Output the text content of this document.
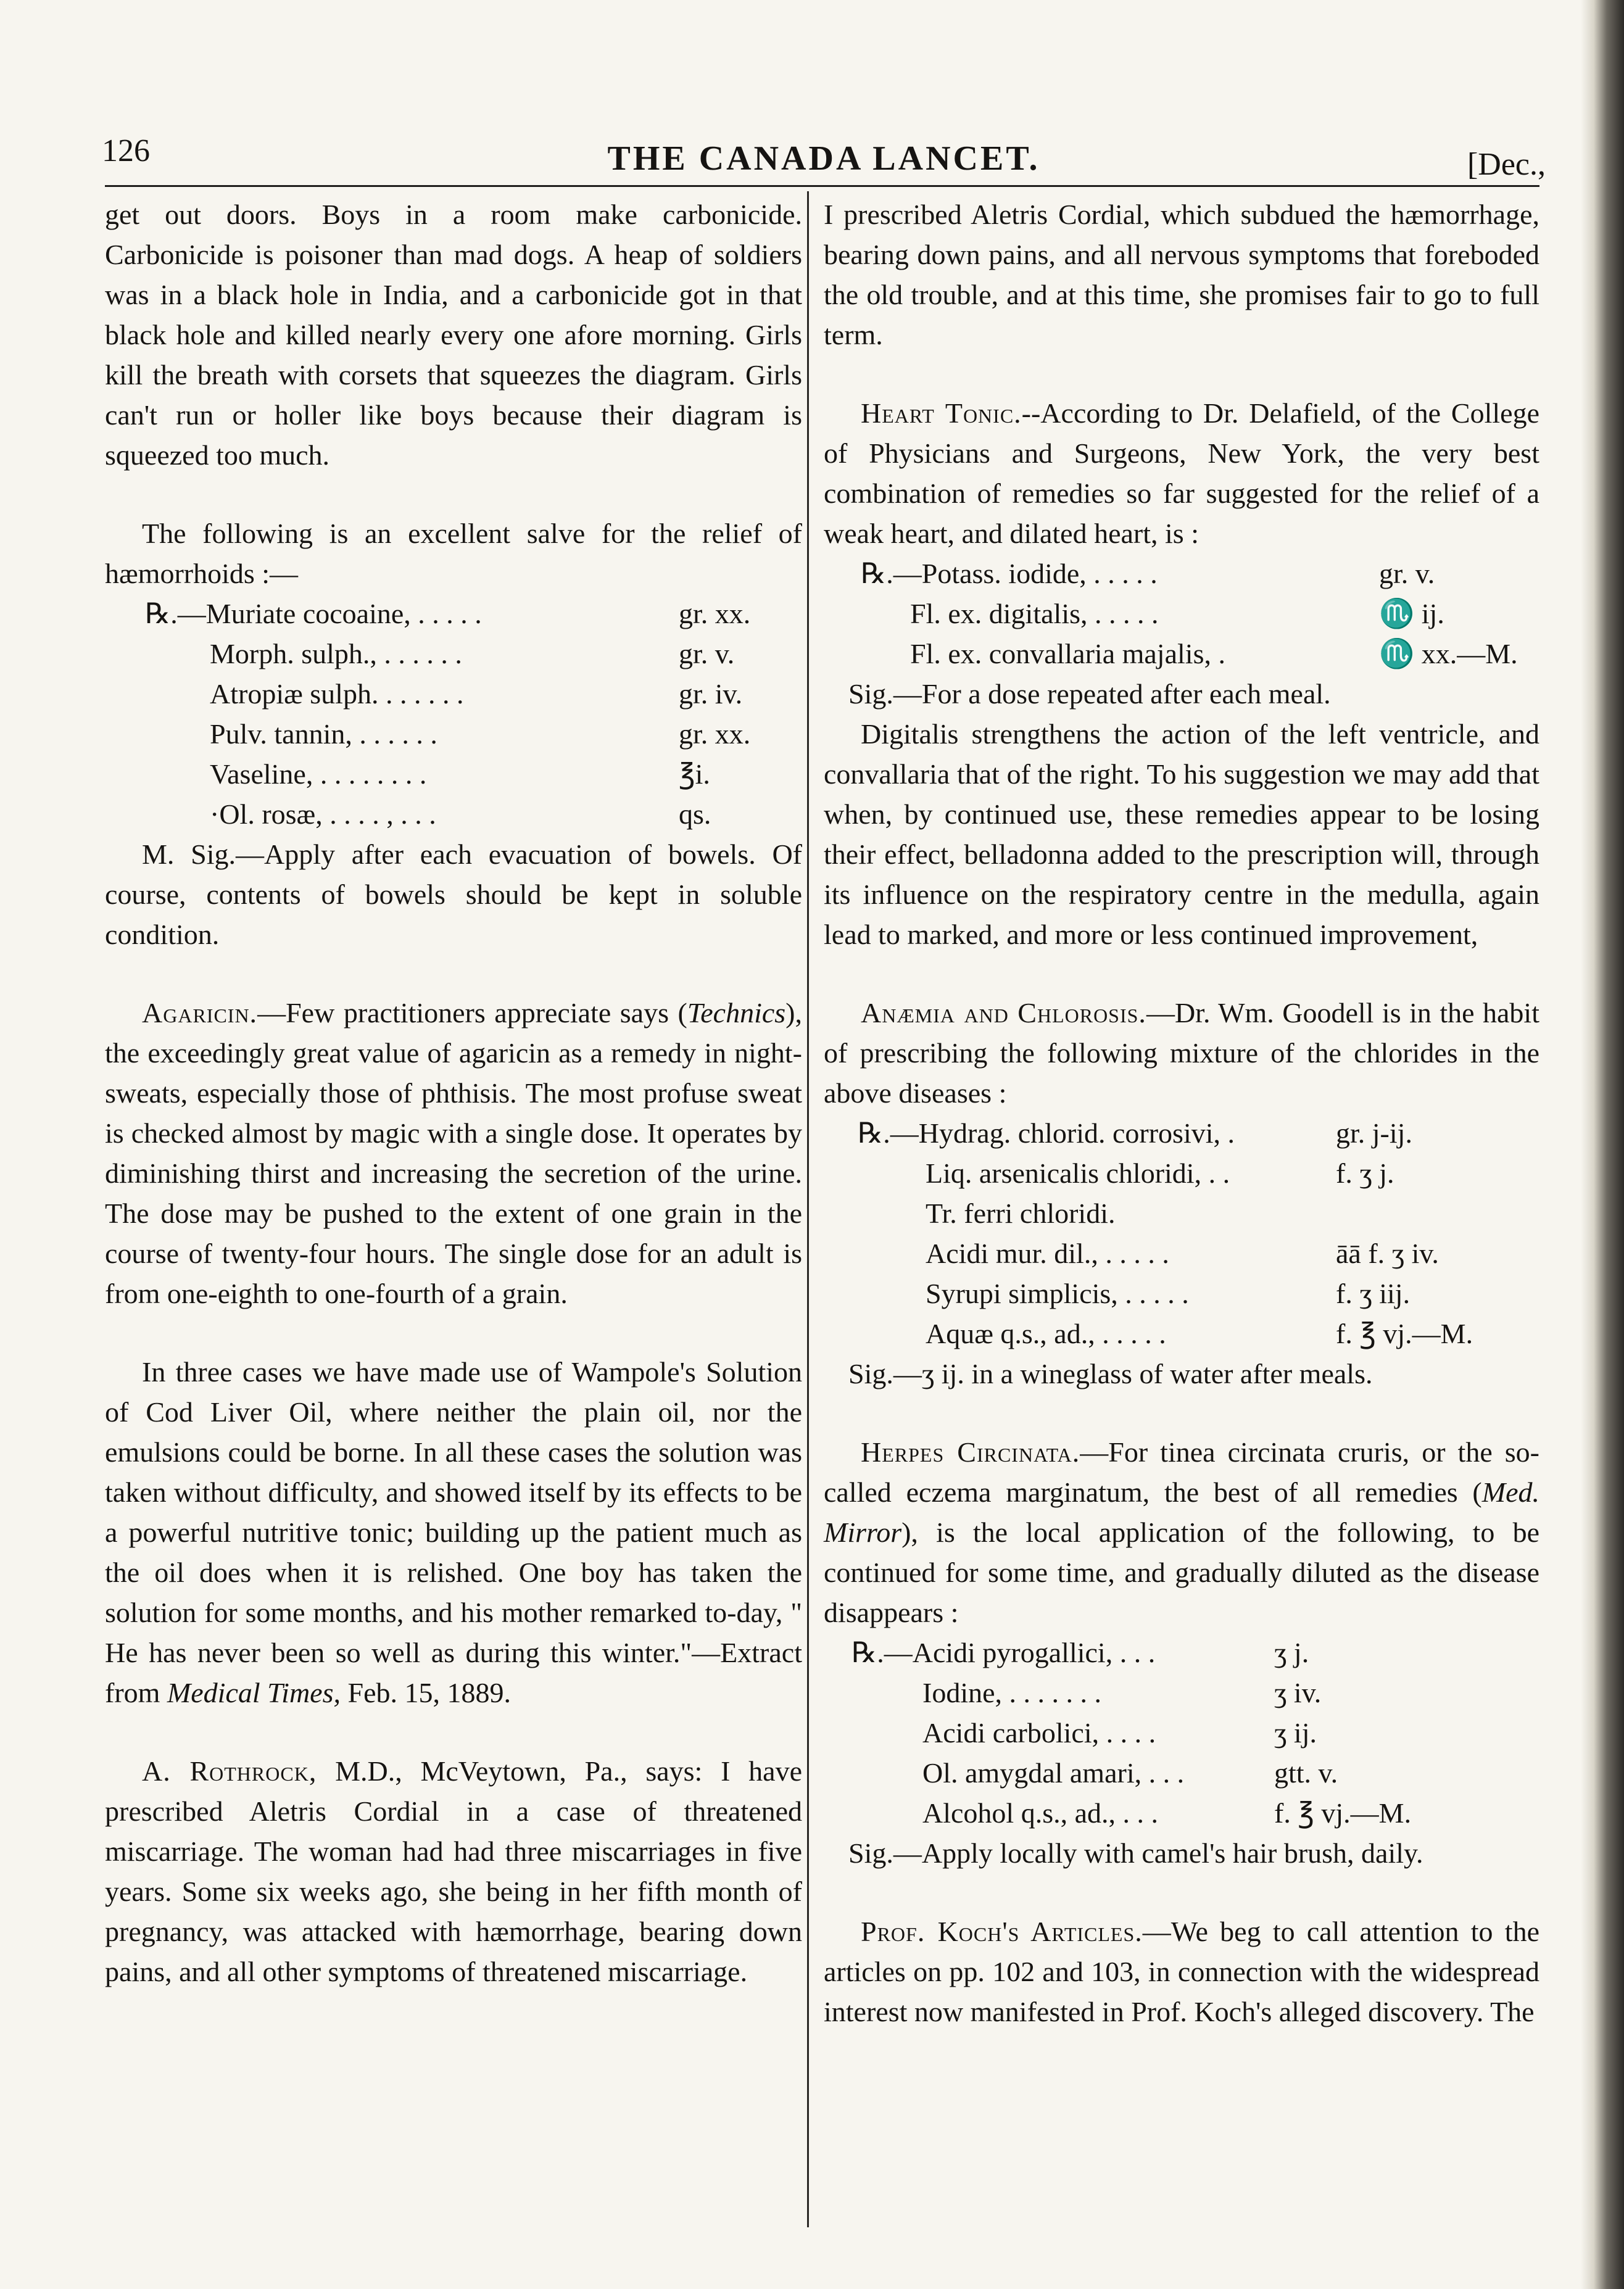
126	THE CANADA LANCET.	[Dec.,

get out doors. Boys in a room make carbonicide. Carbonicide is poisoner than mad dogs. A heap of soldiers was in a black hole in India, and a carbonicide got in that black hole and killed nearly every one afore morning. Girls kill the breath with corsets that squeezes the diagram. Girls can't run or holler like boys because their diagram is squeezed too much.

The following is an excellent salve for the relief of hæmorrhoids :—

℞.—Muriate cocoaine, . . . . .	gr. xx.
Morph. sulph., . . . . . .	gr. v.
Atropiæ sulph. . . . . . .	gr. iv.
Pulv. tannin, . . . . . .	gr. xx.
Vaseline, . . . . . . . .	℥i.
·Ol. rosæ, . . . . , . . .	qs.

M. Sig.—Apply after each evacuation of bowels. Of course, contents of bowels should be kept in soluble condition.

Agaricin.—Few practitioners appreciate says (Technics), the exceedingly great value of agaricin as a remedy in night-sweats, especially those of phthisis. The most profuse sweat is checked almost by magic with a single dose. It operates by diminishing thirst and increasing the secretion of the urine. The dose may be pushed to the extent of one grain in the course of twenty-four hours. The single dose for an adult is from one-eighth to one-fourth of a grain.

In three cases we have made use of Wampole's Solution of Cod Liver Oil, where neither the plain oil, nor the emulsions could be borne. In all these cases the solution was taken without difficulty, and showed itself by its effects to be a powerful nutritive tonic; building up the patient much as the oil does when it is relished. One boy has taken the solution for some months, and his mother remarked to-day, " He has never been so well as during this winter."—Extract from Medical Times, Feb. 15, 1889.

A. Rothrock, M.D., McVeytown, Pa., says: I have prescribed Aletris Cordial in a case of threatened miscarriage. The woman had had three miscarriages in five years. Some six weeks ago, she being in her fifth month of pregnancy, was attacked with hæmorrhage, bearing down pains, and all other symptoms of threatened miscarriage.

I prescribed Aletris Cordial, which subdued the hæmorrhage, bearing down pains, and all nervous symptoms that foreboded the old trouble, and at this time, she promises fair to go to full term.

Heart Tonic.--According to Dr. Delafield, of the College of Physicians and Surgeons, New York, the very best combination of remedies so far suggested for the relief of a weak heart, and dilated heart, is :

℞.—Potass. iodide, . . . . .	gr. v.
Fl. ex. digitalis, . . . . .	♏ ij.
Fl. ex. convallaria majalis, .	♏ xx.—M.

Sig.—For a dose repeated after each meal.

Digitalis strengthens the action of the left ventricle, and convallaria that of the right. To his suggestion we may add that when, by continued use, these remedies appear to be losing their effect, belladonna added to the prescription will, through its influence on the respiratory centre in the medulla, again lead to marked, and more or less continued improvement,

Anæmia and Chlorosis.—Dr. Wm. Goodell is in the habit of prescribing the following mixture of the chlorides in the above diseases :

℞.—Hydrag. chlorid. corrosivi, .	gr. j-ij.
Liq. arsenicalis chloridi, . .	f. ʒ j.
Tr. ferri chloridi.
Acidi mur. dil., . . . . .	āā f. ʒ iv.
Syrupi simplicis, . . . . .	f. ʒ iij.
Aquæ q.s., ad., . . . . .	f. ℥ vj.—M.

Sig.—ʒ ij. in a wineglass of water after meals.

Herpes Circinata.—For tinea circinata cruris, or the so-called eczema marginatum, the best of all remedies (Med. Mirror), is the local application of the following, to be continued for some time, and gradually diluted as the disease disappears :

℞.—Acidi pyrogallici, . . .	ʒ j.
Iodine, . . . . . . .	ʒ iv.
Acidi carbolici, . . . .	ʒ ij.
Ol. amygdal amari, . . .	gtt. v.
Alcohol q.s., ad., . . .	f. ℥ vj.—M.

Sig.—Apply locally with camel's hair brush, daily.

Prof. Koch's Articles.—We beg to call attention to the articles on pp. 102 and 103, in connection with the widespread interest now manifested in Prof. Koch's alleged discovery. The
